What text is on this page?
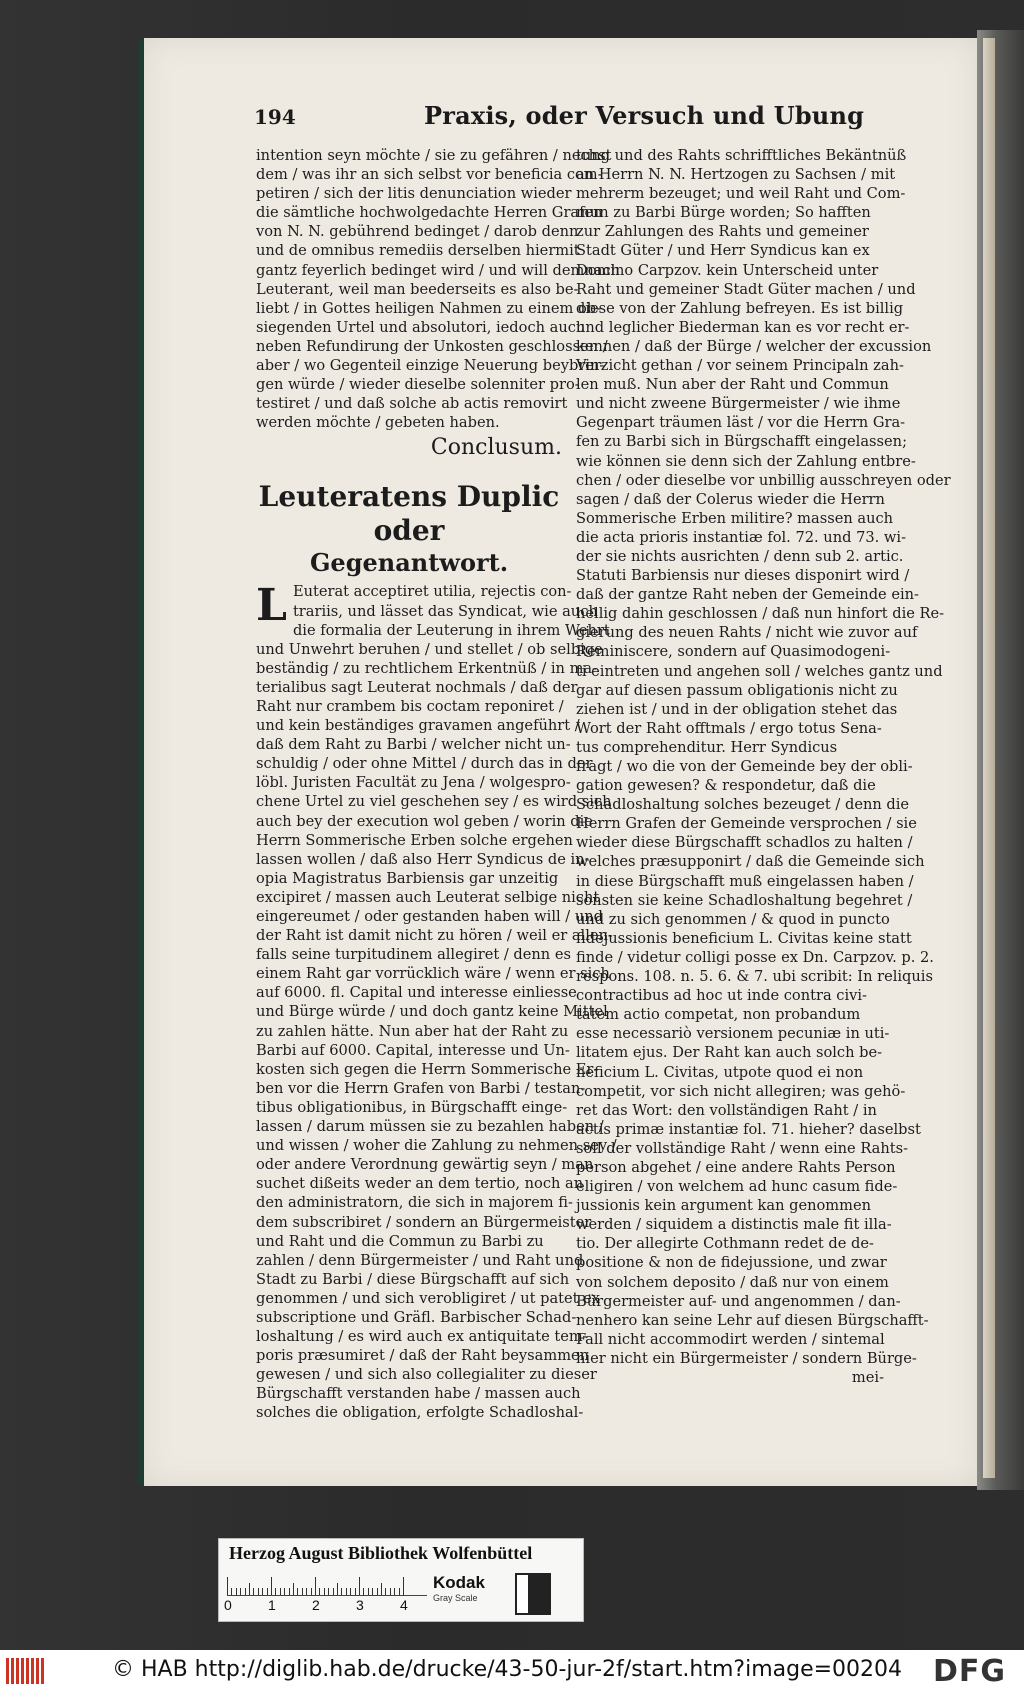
194	Praxis, oder Versuch und Ubung
intention seyn möchte / sie zu gefähren / nechst
dem / was ihr an sich selbst vor beneficia com-
petiren / sich der litis denunciation wieder
die sämtliche hochwolgedachte Herren Grafen
von N. N. gebührend bedinget / darob denn
und de omnibus remediis derselben hiermit
gantz feyerlich bedinget wird / und will demnach
Leuterant, weil man beederseits es also be-
liebt / in Gottes heiligen Nahmen zu einem ob-
siegenden Urtel und absolutori, iedoch auch
neben Refundirung der Unkosten geschlossen /
aber / wo Gegenteil einzige Neuerung beybrin-
gen würde / wieder dieselbe solenniter pro-
testiret / und daß solche ab actis removirt
werden möchte / gebeten haben.
Conclusum.
Leuteratens Duplic oder
Gegenantwort.
L Euterat acceptiret utilia, rejectis con-
trariis, und lässet das Syndicat, wie auch
die formalia der Leuterung in ihrem Wehrt
und Unwehrt beruhen / und stellet / ob selbige
beständig / zu rechtlichem Erkentnüß / in ma-
terialibus sagt Leuterat nochmals / daß der
Raht nur crambem bis coctam reponiret /
und kein beständiges gravamen angeführt /
daß dem Raht zu Barbi / welcher nicht un-
schuldig / oder ohne Mittel / durch das in der
löbl. Juristen Facultät zu Jena / wolgespro-
chene Urtel zu viel geschehen sey / es wird sich
auch bey der execution wol geben / worin die
Herrn Sommerische Erben solche ergehen
lassen wollen / daß also Herr Syndicus de in-
opia Magistratus Barbiensis gar unzeitig
excipiret / massen auch Leuterat selbige nicht
eingereumet / oder gestanden haben will / und
der Raht ist damit nicht zu hören / weil er allen-
falls seine turpitudinem allegiret / denn es
einem Raht gar vorrücklich wäre / wenn er sich
auf 6000. fl. Capital und interesse einliesse
und Bürge würde / und doch gantz keine Mittel
zu zahlen hätte. Nun aber hat der Raht zu
Barbi auf 6000. Capital, interesse und Un-
kosten sich gegen die Herrn Sommerische Er-
ben vor die Herrn Grafen von Barbi / testan-
tibus obligationibus, in Bürgschafft einge-
lassen / darum müssen sie zu bezahlen haben /
und wissen / woher die Zahlung zu nehmen sey /
oder andere Verordnung gewärtig seyn / man
suchet dißeits weder an dem tertio, noch an
den administratorn, die sich in majorem fi-
dem subscribiret / sondern an Bürgermeister
und Raht und die Commun zu Barbi zu
zahlen / denn Bürgermeister / und Raht und
Stadt zu Barbi / diese Bürgschafft auf sich
genommen / und sich verobligiret / ut patet ex
subscriptione und Gräfl. Barbischer Schad-
loshaltung / es wird auch ex antiquitate tem-
poris præsumiret / daß der Raht beysammen
gewesen / und sich also collegialiter zu dieser
Bürgschafft verstanden habe / massen auch
solches die obligation, erfolgte Schadloshal-
tung und des Rahts schrifftliches Bekäntnüß
an Herrn N. N. Hertzogen zu Sachsen / mit
mehrerm bezeuget; und weil Raht und Com-
mun zu Barbi Bürge worden; So hafften
zur Zahlungen des Rahts und gemeiner
Stadt Güter / und Herr Syndicus kan ex
Domino Carpzov. kein Unterscheid unter
Raht und gemeiner Stadt Güter machen / und
diese von der Zahlung befreyen. Es ist billig
und leglicher Biederman kan es vor recht er-
kennen / daß der Bürge / welcher der excussion
Verzicht gethan / vor seinem Principaln zah-
len muß. Nun aber der Raht und Commun
und nicht zweene Bürgermeister / wie ihme
Gegenpart träumen läst / vor die Herrn Gra-
fen zu Barbi sich in Bürgschafft eingelassen;
wie können sie denn sich der Zahlung entbre-
chen / oder dieselbe vor unbillig ausschreyen oder
sagen / daß der Colerus wieder die Herrn
Sommerische Erben militire? massen auch
die acta prioris instantiæ fol. 72. und 73. wi-
der sie nichts ausrichten / denn sub 2. artic.
Statuti Barbiensis nur dieses disponirt wird /
daß der gantze Raht neben der Gemeinde ein-
hellig dahin geschlossen / daß nun hinfort die Re-
gierung des neuen Rahts / nicht wie zuvor auf
Reminiscere, sondern auf Quasimodogeni-
ti eintreten und angehen soll / welches gantz und
gar auf diesen passum obligationis nicht zu
ziehen ist / und in der obligation stehet das
Wort der Raht offtmals / ergo totus Sena-
tus comprehenditur. Herr Syndicus
fragt / wo die von der Gemeinde bey der obli-
gation gewesen? & respondetur, daß die
Schadloshaltung solches bezeuget / denn die
Herrn Grafen der Gemeinde versprochen / sie
wieder diese Bürgschafft schadlos zu halten /
welches præsupponirt / daß die Gemeinde sich
in diese Bürgschafft muß eingelassen haben /
sonsten sie keine Schadloshaltung begehret /
und zu sich genommen / & quod in puncto
fidejussionis beneficium L. Civitas keine statt
finde / videtur colligi posse ex Dn. Carpzov. p. 2.
respons. 108. n. 5. 6. & 7. ubi scribit: In reliquis
contractibus ad hoc ut inde contra civi-
tatem actio competat, non probandum
esse necessariò versionem pecuniæ in uti-
litatem ejus. Der Raht kan auch solch be-
neficium L. Civitas, utpote quod ei non
competit, vor sich nicht allegiren; was gehö-
ret das Wort: den vollständigen Raht / in
actis primæ instantiæ fol. 71. hieher? daselbst
soll der vollständige Raht / wenn eine Rahts-
person abgehet / eine andere Rahts Person
eligiren / von welchem ad hunc casum fide-
jussionis kein argument kan genommen
werden / siquidem a distinctis male fit illa-
tio. Der allegirte Cothmann redet de de-
positione & non de fidejussione, und zwar
von solchem deposito / daß nur von einem
Bürgermeister auf- und angenommen / dan-
nenhero kan seine Lehr auf diesen Bürgschafft-
Fall nicht accommodirt werden / sintemal
hier nicht ein Bürgermeister / sondern Bürge-
mei-
Herzog August Bibliothek Wolfenbüttel
0	1	2	3	4
Kodak
Gray Scale
© HAB http://diglib.hab.de/drucke/43-50-jur-2f/start.htm?image=00204 DFG
